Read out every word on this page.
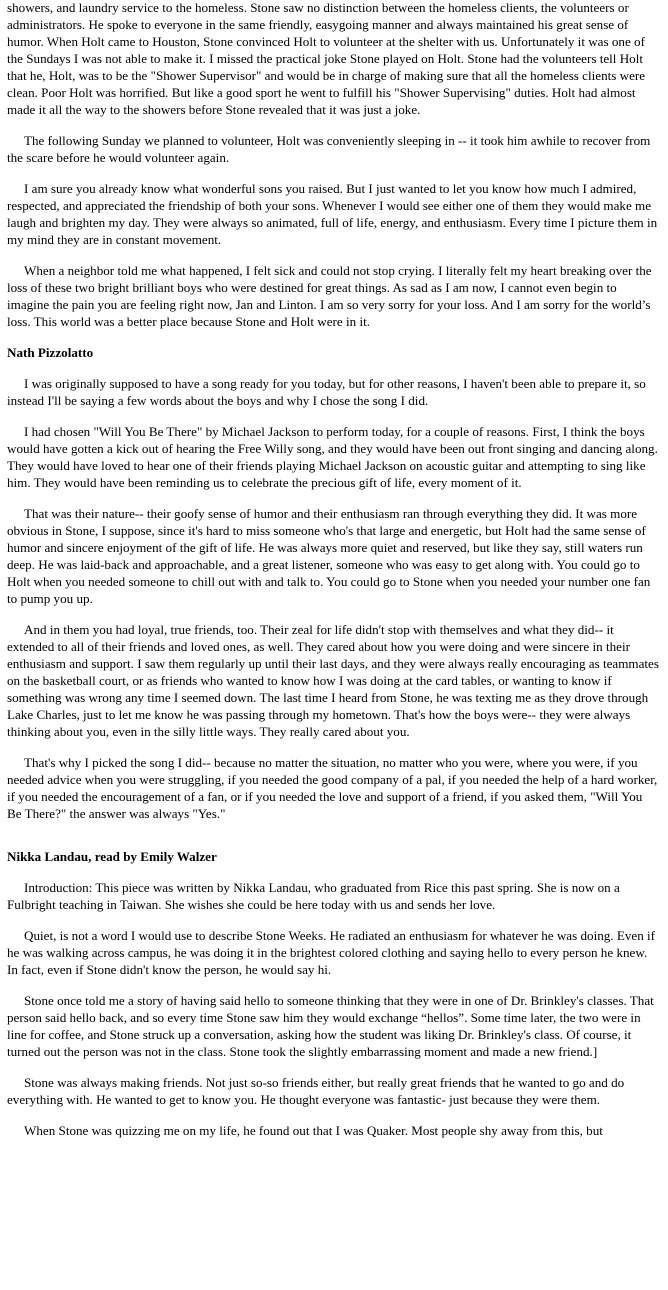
showers, and laundry service to the homeless. Stone saw no distinction between the homeless clients, the volunteers or administrators. He spoke to everyone in the same friendly, easygoing manner and always maintained his great sense of humor. When Holt came to Houston, Stone convinced Holt to volunteer at the shelter with us. Unfortunately it was one of the Sundays I was not able to make it. I missed the practical joke Stone played on Holt. Stone had the volunteers tell Holt that he, Holt, was to be the "Shower Supervisor" and would be in charge of making sure that all the homeless clients were clean. Poor Holt was horrified. But like a good sport he went to fulfill his "Shower Supervising" duties. Holt had almost made it all the way to the showers before Stone revealed that it was just a joke.

The following Sunday we planned to volunteer, Holt was conveniently sleeping in -- it took him awhile to recover from the scare before he would volunteer again.

I am sure you already know what wonderful sons you raised. But I just wanted to let you know how much I admired, respected, and appreciated the friendship of both your sons. Whenever I would see either one of them they would make me laugh and brighten my day. They were always so animated, full of life, energy, and enthusiasm. Every time I picture them in my mind they are in constant movement.

When a neighbor told me what happened, I felt sick and could not stop crying. I literally felt my heart breaking over the loss of these two bright brilliant boys who were destined for great things. As sad as I am now, I cannot even begin to imagine the pain you are feeling right now, Jan and Linton. I am so very sorry for your loss. And I am sorry for the world’s loss. This world was a better place because Stone and Holt were in it.

Nath Pizzolatto

I was originally supposed to have a song ready for you today, but for other reasons, I haven't been able to prepare it, so instead I'll be saying a few words about the boys and why I chose the song I did.

I had chosen "Will You Be There" by Michael Jackson to perform today, for a couple of reasons. First, I think the boys would have gotten a kick out of hearing the Free Willy song, and they would have been out front singing and dancing along. They would have loved to hear one of their friends playing Michael Jackson on acoustic guitar and attempting to sing like him. They would have been reminding us to celebrate the precious gift of life, every moment of it.

That was their nature-- their goofy sense of humor and their enthusiasm ran through everything they did. It was more obvious in Stone, I suppose, since it's hard to miss someone who's that large and energetic, but Holt had the same sense of humor and sincere enjoyment of the gift of life. He was always more quiet and reserved, but like they say, still waters run deep. He was laid-back and approachable, and a great listener, someone who was easy to get along with. You could go to Holt when you needed someone to chill out with and talk to. You could go to Stone when you needed your number one fan to pump you up.

And in them you had loyal, true friends, too. Their zeal for life didn't stop with themselves and what they did-- it extended to all of their friends and loved ones, as well. They cared about how you were doing and were sincere in their enthusiasm and support. I saw them regularly up until their last days, and they were always really encouraging as teammates on the basketball court, or as friends who wanted to know how I was doing at the card tables, or wanting to know if something was wrong any time I seemed down. The last time I heard from Stone, he was texting me as they drove through Lake Charles, just to let me know he was passing through my hometown. That's how the boys were-- they were always thinking about you, even in the silly little ways. They really cared about you.

That's why I picked the song I did-- because no matter the situation, no matter who you were, where you were, if you needed advice when you were struggling, if you needed the good company of a pal, if you needed the help of a hard worker, if you needed the encouragement of a fan, or if you needed the love and support of a friend, if you asked them, "Will You Be There?" the answer was always "Yes."

Nikka Landau, read by Emily Walzer

Introduction: This piece was written by Nikka Landau, who graduated from Rice this past spring. She is now on a Fulbright teaching in Taiwan. She wishes she could be here today with us and sends her love.

Quiet, is not a word I would use to describe Stone Weeks. He radiated an enthusiasm for whatever he was doing. Even if he was walking across campus, he was doing it in the brightest colored clothing and saying hello to every person he knew. In fact, even if Stone didn't know the person, he would say hi.

Stone once told me a story of having said hello to someone thinking that they were in one of Dr. Brinkley's classes. That person said hello back, and so every time Stone saw him they would exchange “hellos”. Some time later, the two were in line for coffee, and Stone struck up a conversation, asking how the student was liking Dr. Brinkley's class. Of course, it turned out the person was not in the class. Stone took the slightly embarrassing moment and made a new friend.]

Stone was always making friends. Not just so-so friends either, but really great friends that he wanted to go and do everything with. He wanted to get to know you. He thought everyone was fantastic- just because they were them.

When Stone was quizzing me on my life, he found out that I was Quaker. Most people shy away from this, but
